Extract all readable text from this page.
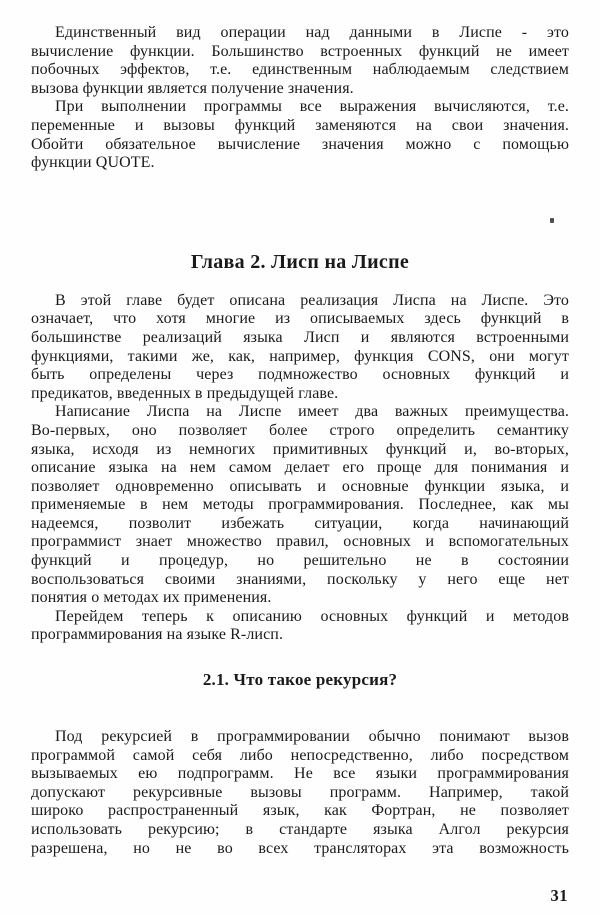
Единственный вид операции над данными в Лиспе - это
вычисление функции. Большинство встроенных функций не имеет
побочных эффектов, т.е. единственным наблюдаемым следствием
вызова функции является получение значения.

При выполнении программы все выражения вычисляются, т.е.
переменные и вызовы функций заменяются на свои значения.
Обойти обязательное вычисление значения можно с помощью
функции QUOTE.

Глава 2. Лисп на Лиспе

В этой главе будет описана реализация Лиспа на Лиспе. Это
означает, что хотя многие из описываемых здесь функций в
большинстве реализаций языка Лисп и являются встроенными
функциями, такими же, как, например, функция CONS, они могут
быть определены через подмножество основных функций и
предикатов, введенных в предыдущей главе.

Написание Лиспа на Лиспе имеет два важных преимущества.
Во-первых, оно позволяет более строго определить семантику
языка, исходя из немногих примитивных функций и, во-вторых,
описание языка на нем самом делает его проще для понимания и
позволяет одновременно описывать и основные функции языка, и
применяемые в нем методы программирования. Последнее, как мы
надеемся, позволит избежать ситуации, когда начинающий
программист знает множество правил, основных и вспомогательных
функций и процедур, но решительно не в состоянии
воспользоваться своими знаниями, поскольку у него еще нет
понятия о методах их применения.

Перейдем теперь к описанию основных функций и методов
программирования на языке R-лисп.

2.1. Что такое рекурсия?

Под рекурсией в программировании обычно понимают вызов
программой самой себя либо непосредственно, либо посредством
вызываемых ею подпрограмм. Не все языки программирования
допускают рекурсивные вызовы программ. Например, такой
широко распространенный язык, как Фортран, не позволяет
использовать рекурсию; в стандарте языка Алгол рекурсия
разрешена, но не во всех трансляторах эта возможность

31
